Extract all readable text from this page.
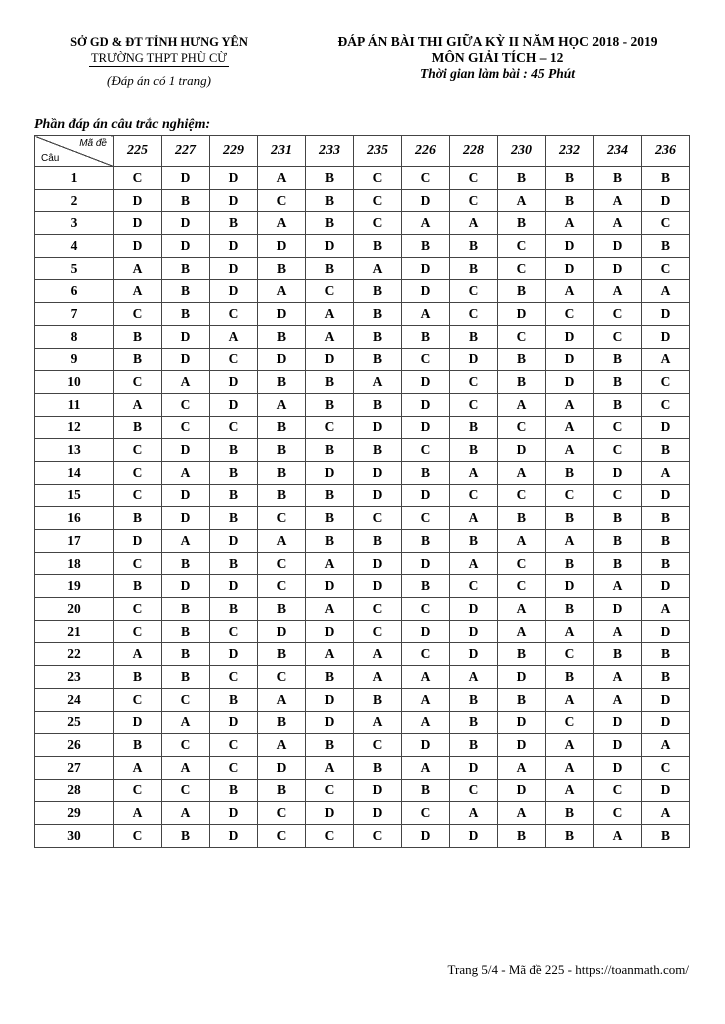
SỞ GD & ĐT TỈNH HƯNG YÊN
TRƯỜNG THPT PHÙ CỪ
(Đáp án có 1 trang)
ĐÁP ÁN BÀI THI GIỮA KỲ II NĂM HỌC 2018 - 2019
MÔN GIẢI TÍCH – 12
Thời gian làm bài : 45 Phút
Phần đáp án câu trắc nghiệm:
Mã đề
Câu	225	227	229	231	233	235	226	228	230	232	234	236
1	C	D	D	A	B	C	C	C	B	B	B	B
2	D	B	D	C	B	C	D	C	A	B	A	D
3	D	D	B	A	B	C	A	A	B	A	A	C
4	D	D	D	D	D	B	B	B	C	D	D	B
5	A	B	D	B	B	A	D	B	C	D	D	C
6	A	B	D	A	C	B	D	C	B	A	A	A
7	C	B	C	D	A	B	A	C	D	C	C	D
8	B	D	A	B	A	B	B	B	C	D	C	D
9	B	D	C	D	D	B	C	D	B	D	B	A
10	C	A	D	B	B	A	D	C	B	D	B	C
11	A	C	D	A	B	B	D	C	A	A	B	C
12	B	C	C	B	C	D	D	B	C	A	C	D
13	C	D	B	B	B	B	C	B	D	A	C	B
14	C	A	B	B	D	D	B	A	A	B	D	A
15	C	D	B	B	B	D	D	C	C	C	C	D
16	B	D	B	C	B	C	C	A	B	B	B	B
17	D	A	D	A	B	B	B	B	A	A	B	B
18	C	B	B	C	A	D	D	A	C	B	B	B
19	B	D	D	C	D	D	B	C	C	D	A	D
20	C	B	B	B	A	C	C	D	A	B	D	A
21	C	B	C	D	D	C	D	D	A	A	A	D
22	A	B	D	B	A	A	C	D	B	C	B	B
23	B	B	C	C	B	A	A	A	D	B	A	B
24	C	C	B	A	D	B	A	B	B	A	A	D
25	D	A	D	B	D	A	A	B	D	C	D	D
26	B	C	C	A	B	C	D	B	D	A	D	A
27	A	A	C	D	A	B	A	D	A	A	D	C
28	C	C	B	B	C	D	B	C	D	A	C	D
29	A	A	D	C	D	D	C	A	A	B	C	A
30	C	B	D	C	C	C	D	D	B	B	A	B
Trang 5/4 - Mã đề 225 - https://toanmath.com/
